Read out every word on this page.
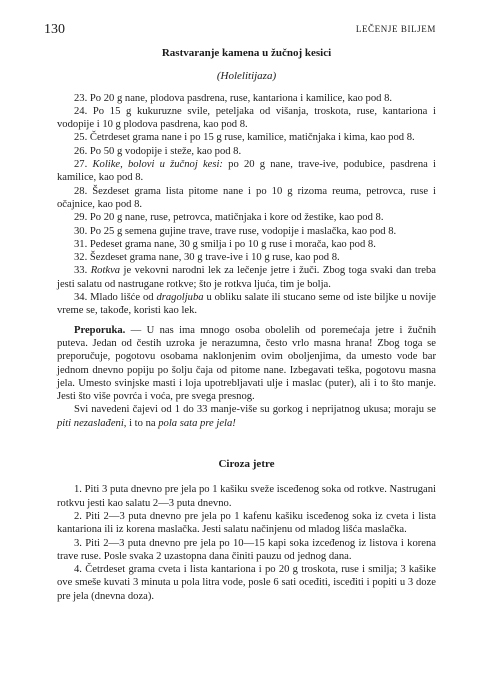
130	LEČENJE BILJEM
Rastvaranje kamena u žučnoj kesici
(Holelitijaza)

23. Po 20 g nane, plodova pasdrena, ruse, kantariona i kamilice, kao pod 8.

24. Po 15 g kukuruzne svile, peteljaka od višanja, troskota, ruse, kantariona i vodopije i 10 g plodova pasdrena, kao pod 8.

25. Četrdeset grama nane i po 15 g ruse, kamilice, matičnjaka i kima, kao pod 8.

26. Po 50 g vodopije i steže, kao pod 8.

27. Kolike, bolovi u žučnoj kesi: po 20 g nane, trave-ive, podubice, pasdrena i kamilice, kao pod 8.

28. Šezdeset grama lista pitome nane i po 10 g rizoma reuma, petrovca, ruse i očajnice, kao pod 8.

29. Po 20 g nane, ruse, petrovca, matičnjaka i kore od žestike, kao pod 8.

30. Po 25 g semena gujine trave, trave ruse, vodopije i maslačka, kao pod 8.

31. Pedeset grama nane, 30 g smilja i po 10 g ruse i morača, kao pod 8.

32. Šezdeset grama nane, 30 g trave-ive i 10 g ruse, kao pod 8.

33. Rotkva je vekovni narodni lek za lečenje jetre i žuči. Zbog toga svaki dan treba jesti salatu od nastrugane rotkve; što je rotkva ljuća, tim je bolja.

34. Mlado lišće od dragoljuba u obliku salate ili stucano seme od iste biljke u novije vreme se, takođe, koristi kao lek.

Preporuka. — U nas ima mnogo osoba obolelih od poremećaja jetre i žučnih puteva. Jedan od čestih uzroka je nerazumna, često vrlo masna hrana! Zbog toga se preporučuje, pogotovu osobama naklonjenim ovim oboljenjima, da umesto vode bar jednom dnevno popiju po šolju čaja od pitome nane. Izbegavati teška, pogotovu masna jela. Umesto svinjske masti i loja upotrebljavati ulje i maslac (puter), ali i to što manje. Jesti što više povrća i voća, pre svega presnog.

Svi navedeni čajevi od 1 do 33 manje-više su gorkog i neprijatnog ukusa; moraju se piti nezaslađeni, i to na pola sata pre jela!

Ciroza jetre

1. Piti 3 puta dnevno pre jela po 1 kašiku sveže iscеđenog soka od rotkve. Nastrugani rotkvu jesti kao salatu 2—3 puta dnevno.

2. Piti 2—3 puta dnevno pre jela po 1 kafenu kašiku iscеđenog soka iz cveta i lista kantariona ili iz korena maslačka. Jesti salatu načinjenu od mladog lišća maslačka.

3. Piti 2—3 puta dnevno pre jela po 10—15 kapi soka izceđenog iz listova i korena trave ruse. Posle svaka 2 uzastopna dana činiti pauzu od jednog dana.

4. Četrdeset grama cveta i lista kantariona i po 20 g troskota, ruse i smilja; 3 kašike ove smeše kuvati 3 minuta u pola litra vode, posle 6 sati oceđiti, isceđiti i popiti u 3 doze pre jela (dnevna doza).
